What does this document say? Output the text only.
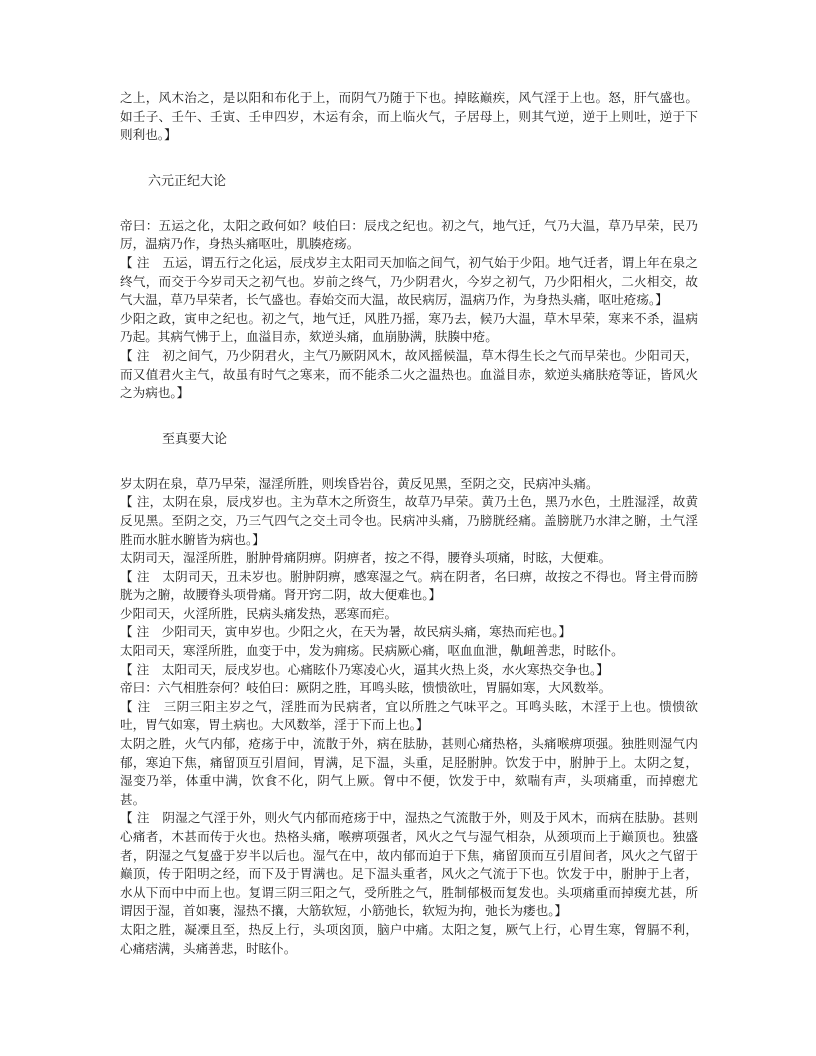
之上，风木治之，是以阳和布化于上，而阴气乃随于下也。掉眩巅疾，风气淫于上也。怒，肝气盛也。如壬子、壬午、壬寅、壬申四岁，木运有余，而上临火气，子居母上，则其气逆，逆于上则吐，逆于下则利也。】

六元正纪大论

帝曰：五运之化，太阳之政何如？岐伯曰：辰戌之纪也。初之气，地气迁，气乃大温，草乃早荣，民乃厉，温病乃作，身热头痛呕吐，肌腠疮疡。

【 注　五运，谓五行之化运，辰戌岁主太阳司天加临之间气，初气始于少阳。地气迁者，谓上年在泉之终气，而交于今岁司天之初气也。岁前之终气，乃少阴君火，今岁之初气，乃少阳相火，二火相交，故气大温，草乃早荣者，长气盛也。春始交而大温，故民病厉，温病乃作，为身热头痛，呕吐疮疡。】

少阳之政，寅申之纪也。初之气，地气迁，风胜乃摇，寒乃去，候乃大温，草木早荣，寒来不杀，温病乃起。其病气怫于上，血溢目赤，欬逆头痛，血崩胁满，肤腠中疮。

【 注　初之间气，乃少阴君火，主气乃厥阴风木，故风摇候温，草木得生长之气而早荣也。少阳司天，而又值君火主气，故虽有时气之寒来，而不能杀二火之温热也。血溢目赤，欬逆头痛肤疮等证，皆风火之为病也。】

至真要大论

岁太阴在泉，草乃早荣，湿淫所胜，则埃昏岩谷，黄反见黑，至阴之交，民病冲头痛。

【 注，太阴在泉，辰戌岁也。主为草木之所资生，故草乃早荣。黄乃土色，黑乃水色，土胜湿淫，故黄反见黑。至阴之交，乃三气四气之交土司令也。民病冲头痛，乃膀胱经痛。盖膀胱乃水津之腑，土气淫胜而水脏水腑皆为病也。】

太阴司天，湿淫所胜，胕肿骨痛阴痹。阴痹者，按之不得，腰脊头项痛，时眩，大便难。

【 注　太阴司天，丑未岁也。胕肿阴痹，感寒湿之气。病在阴者，名曰痹，故按之不得也。肾主骨而膀胱为之腑，故腰脊头项骨痛。肾开窍二阴，故大便难也。】

少阳司天，火淫所胜，民病头痛发热，恶寒而疟。

【 注　少阳司天，寅申岁也。少阳之火，在天为暑，故民病头痛，寒热而疟也。】

太阳司天，寒淫所胜，血变于中，发为痈疡。民病厥心痛，呕血血泄，鼽衄善悲，时眩仆。

【 注　太阳司天，辰戌岁也。心痛眩仆乃寒凌心火，逼其火热上炎，水火寒热交争也。】

帝曰：六气相胜奈何？岐伯曰：厥阴之胜，耳鸣头眩，愦愦欲吐，胃膈如寒，大风数举。

【 注　三阴三阳主岁之气，淫胜而为民病者，宜以所胜之气味平之。耳鸣头眩，木淫于上也。愦愦欲吐，胃气如寒，胃土病也。大风数举，淫于下而上也。】

太阴之胜，火气内郁，疮疡于中，流散于外，病在胠胁，甚则心痛热格，头痛喉痹项强。独胜则湿气内郁，寒迫下焦，痛留顶互引眉间，胃满，足下温，头重，足胫胕肿。饮发于中，胕肿于上。太阴之复，湿变乃举，体重中满，饮食不化，阴气上厥。胷中不便，饮发于中，欬喘有声，头项痛重，而掉瘛尤甚。

【 注　阴湿之气淫于外，则火气内郁而疮疡于中，湿热之气流散于外，则及于风木，而病在胠胁。甚则心痛者，木甚而传于火也。热格头痛，喉痹项强者，风火之气与湿气相杂，从颈项而上于巅顶也。独盛者，阴湿之气复盛于岁半以后也。湿气在中，故内郁而迫于下焦，痛留顶而互引眉间者，风火之气留于巅顶，传于阳明之经，而下及于胃满也。足下温头重者，风火之气流于下也。饮发于中，胕肿于上者，水从下而中中而上也。复谓三阴三阳之气，受所胜之气，胜制郁极而复发也。头项痛重而掉瘈尤甚，所谓因于湿，首如裹，湿热不攘，大筋软短，小筋弛长，软短为拘，弛长为痿也。】

太阳之胜，凝凓且至，热反上行，头项囟顶，脑户中痛。太阳之复，厥气上行，心胃生寒，胷膈不利，心痛痞满，头痛善悲，时眩仆。
